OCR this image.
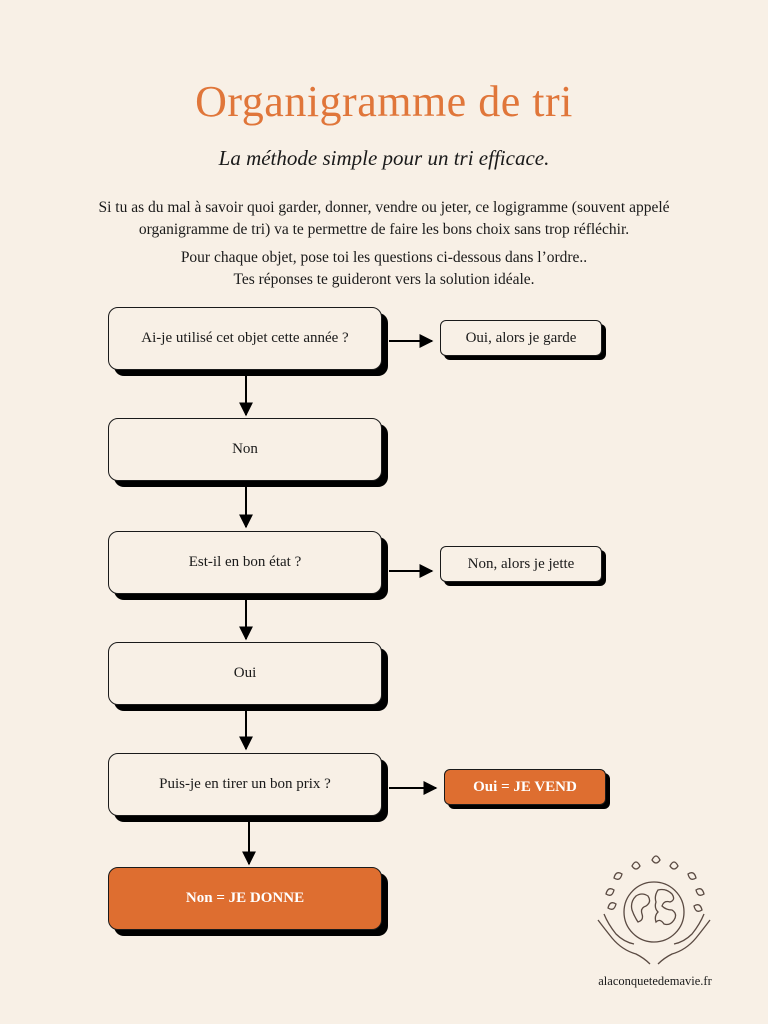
Organigramme de tri
La méthode simple pour un tri efficace.
Si tu as du mal à savoir quoi garder, donner, vendre ou jeter, ce logigramme (souvent appelé
organigramme de tri) va te permettre de faire les bons choix sans trop réfléchir.
Pour chaque objet, pose toi les questions ci-dessous dans l’ordre..
Tes réponses te guideront vers la solution idéale.
Ai-je utilisé cet objet cette année ?
Non
Est-il en bon état ?
Oui
Puis-je en tirer un bon prix ?
Non = JE DONNE
Oui, alors je garde
Non, alors je jette
Oui = JE VEND
alaconquetedemavie.fr
